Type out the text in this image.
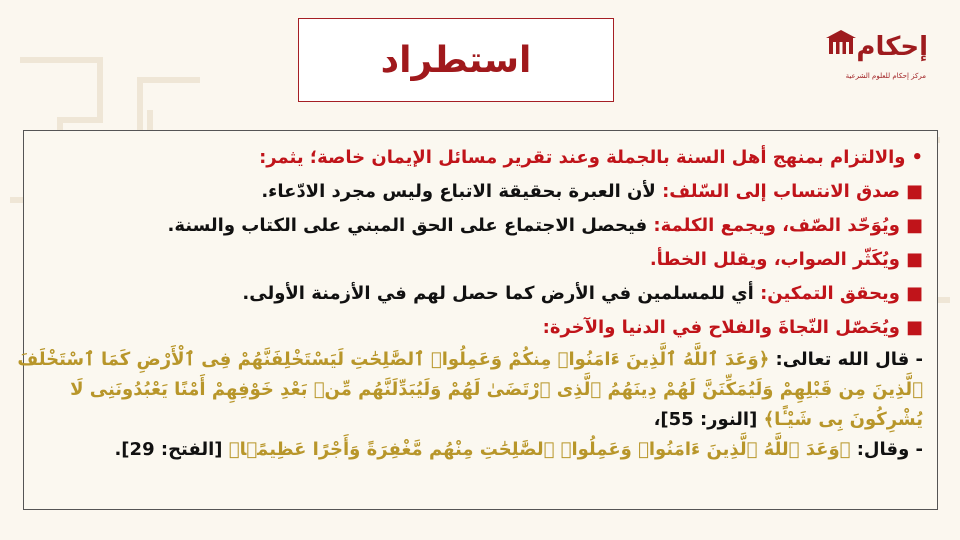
إحكام
مركز إحكام للعلوم الشرعية
استطراد
•والالتزام بمنهج أهل السنة بالجملة وعند تقرير مسائل الإيمان خاصة؛ يثمر:
■صدق الانتساب إلى السّلف: لأن العبرة بحقيقة الاتباع وليس مجرد الادّعاء.
■ويُوَحّد الصّف، ويجمع الكلمة: فيحصل الاجتماع على الحق المبني على الكتاب والسنة.
■ويُكَثّر الصواب، ويقلل الخطأ.
■ويحقق التمكين: أي للمسلمين في الأرض كما حصل لهم في الأزمنة الأولى.
■ويُحَصّل النّجاةَ والفلاح في الدنيا والآخرة:
- قال الله تعالى: ﴿وَعَدَ ٱللَّهُ ٱلَّذِينَ ءَامَنُوا۟ مِنكُمْ وَعَمِلُوا۟ ٱلصَّٰلِحَٰتِ لَيَسْتَخْلِفَنَّهُمْ فِى ٱلْأَرْضِ كَمَا ٱسْتَخْلَفَ
ٱلَّذِينَ مِن قَبْلِهِمْ وَلَيُمَكِّنَنَّ لَهُمْ دِينَهُمُ ٱلَّذِى ٱرْتَضَىٰ لَهُمْ وَلَيُبَدِّلَنَّهُم مِّنۢ بَعْدِ خَوْفِهِمْ أَمْنًا يَعْبُدُونَنِى لَا
يُشْرِكُونَ بِى شَيْـًٔا﴾ [النور: 55]،
- وقال: ﴿وَعَدَ ٱللَّهُ ٱلَّذِينَ ءَامَنُوا۟ وَعَمِلُوا۟ ٱلصَّٰلِحَٰتِ مِنْهُم مَّغْفِرَةً وَأَجْرًا عَظِيمًۢا﴾ [الفتح: 29].
